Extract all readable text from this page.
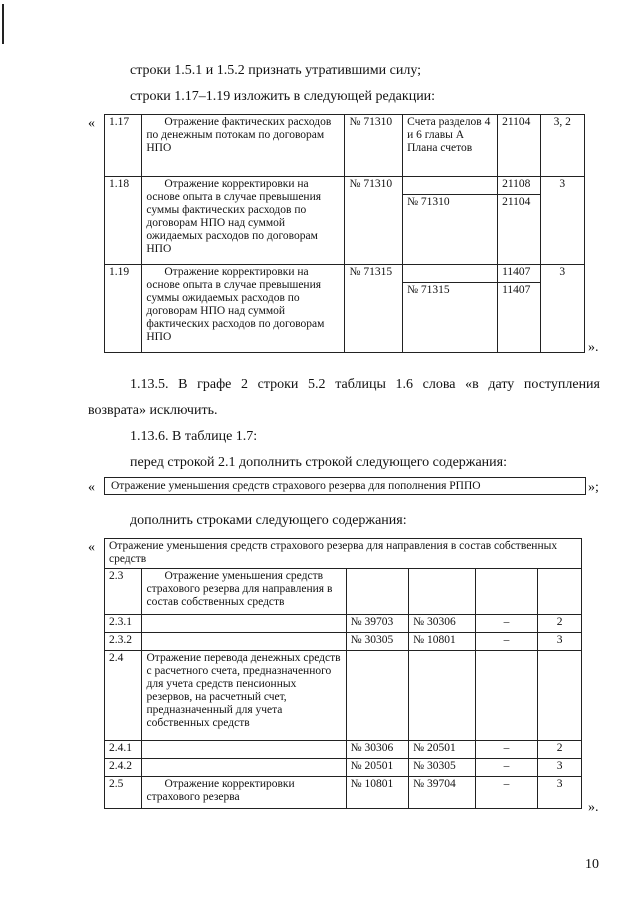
строки 1.5.1 и 1.5.2 признать утратившими силу;
строки 1.17–1.19 изложить в следующей редакции:
« 1.17	Отражение фактических расходов по денежным потокам по договорам НПО	№ 71310	Счета разделов 4 и 6 главы А Плана счетов	21104	3, 2
1.18	Отражение корректировки на основе опыта в случае превышения суммы фактических расходов по договорам НПО над суммой ожидаемых расходов по договорам НПО	№ 71310		21108	3
			№ 71310	21104	
1.19	Отражение корректировки на основе опыта в случае превышения суммы ожидаемых расходов по договорам НПО над суммой фактических расходов по договорам НПО	№ 71315		11407	3
			№ 71315	11407	
».
1.13.5. В графе 2 строки 5.2 таблицы 1.6 слова «в дату поступления
возврата» исключить.
1.13.6. В таблице 1.7:
перед строкой 2.1 дополнить строкой следующего содержания:
«	Отражение уменьшения средств страхового резерва для пополнения РППО	»;
дополнить строками следующего содержания:
« Отражение уменьшения средств страхового резерва для направления в состав собственных средств					
2.3	Отражение уменьшения средств страхового резерва для направления в состав собственных средств				
2.3.1		№ 39703	№ 30306	–	2
2.3.2		№ 30305	№ 10801	–	3
2.4	Отражение перевода денежных средств с расчетного счета, предназначенного для учета средств пенсионных резервов, на расчетный счет, предназначенный для учета собственных средств				
2.4.1		№ 30306	№ 20501	–	2
2.4.2		№ 20501	№ 30305	–	3
2.5	Отражение корректировки страхового резерва	№ 10801	№ 39704	–	3
».
10
